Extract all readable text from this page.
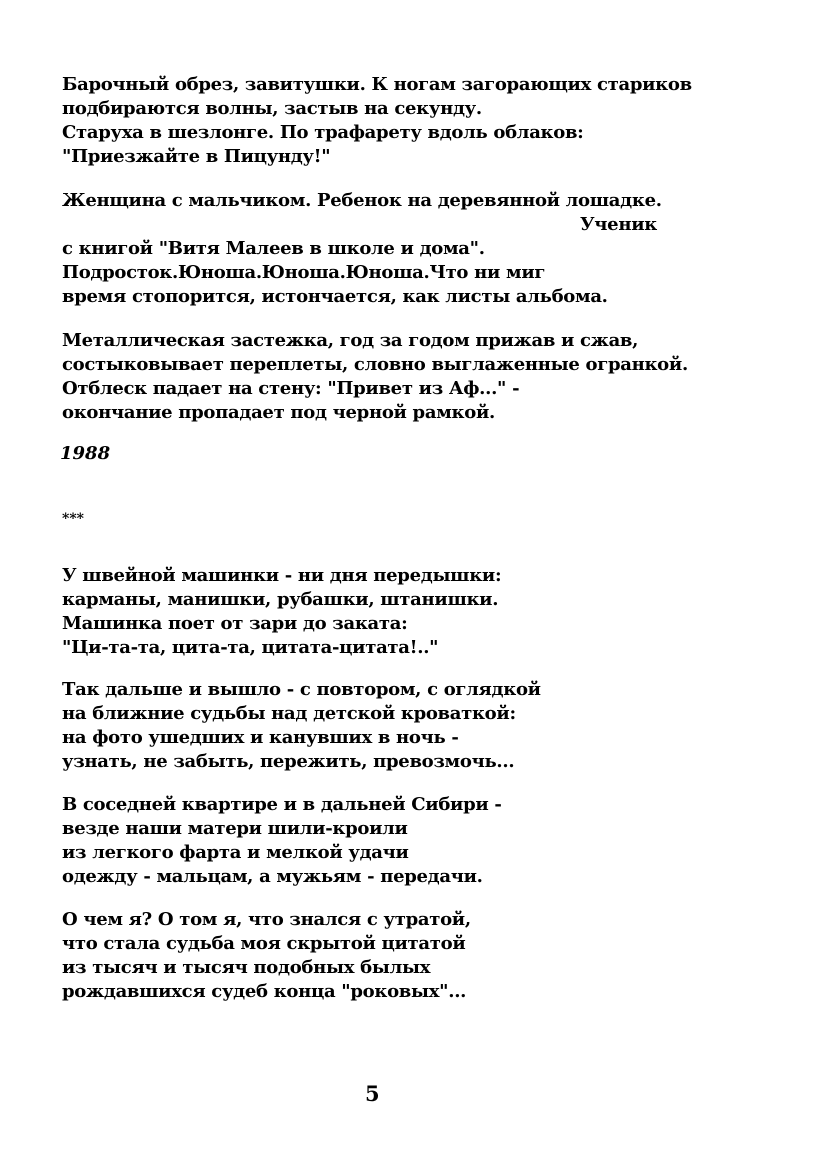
Барочный обрез, завитушки. К ногам загорающих стариков
подбираются волны, застыв на секунду.
Старуха в шезлонге. По трафарету вдоль облаков:
"Приезжайте в Пицунду!"
Женщина с мальчиком. Ребенок на деревянной лошадке.
Ученик
с книгой "Витя Малеев в школе и дома".
Подросток.Юноша.Юноша.Юноша.Что ни миг
время стопорится, истончается, как листы альбома.
Металлическая застежка, год за годом прижав и сжав,
состыковывает переплеты, словно выглаженные огранкой.
Отблеск падает на стену: "Привет из Аф..." -
окончание пропадает под черной рамкой.
1988
***
У швейной машинки - ни дня передышки:
карманы, манишки, рубашки, штанишки.
Машинка поет от зари до заката:
"Ци-та-та, цита-та, цитата-цитата!.."
Так дальше и вышло - с повтором, с оглядкой
на ближние судьбы над детской кроваткой:
на фото ушедших и канувших в ночь -
узнать, не забыть, пережить, превозмочь...
В соседней квартире и в дальней Сибири -
везде наши матери шили-кроили
из легкого фарта и мелкой удачи
одежду - мальцам, а мужьям - передачи.
О чем я? О том я, что знался с утратой,
что стала судьба моя скрытой цитатой
из тысяч и тысяч подобных былых
рождавшихся судеб конца "роковых"...
5
